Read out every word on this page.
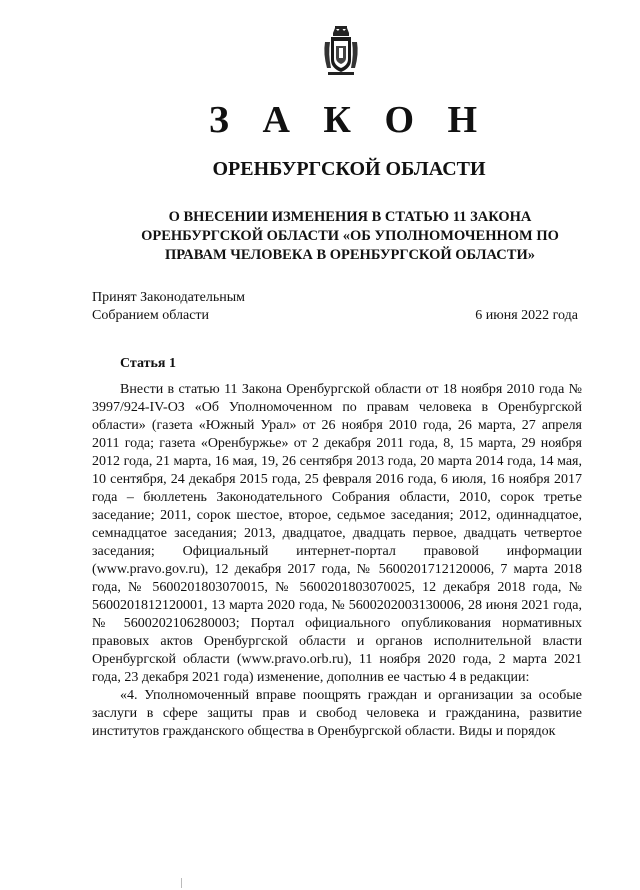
З А К О Н
ОРЕНБУРГСКОЙ ОБЛАСТИ
О ВНЕСЕНИИ ИЗМЕНЕНИЯ В СТАТЬЮ 11 ЗАКОНА ОРЕНБУРГСКОЙ ОБЛАСТИ «ОБ УПОЛНОМОЧЕННОМ ПО ПРАВАМ ЧЕЛОВЕКА В ОРЕНБУРГСКОЙ ОБЛАСТИ»
Принят Законодательным
Собранием области	6 июня 2022 года
Статья 1

Внести в статью 11 Закона Оренбургской области от 18 ноября 2010 года № 3997/924-IV-ОЗ «Об Уполномоченном по правам человека в Оренбургской области» (газета «Южный Урал» от 26 ноября 2010 года, 26 марта, 27 апреля 2011 года; газета «Оренбуржье» от 2 декабря 2011 года, 8, 15 марта, 29 ноября 2012 года, 21 марта, 16 мая, 19, 26 сентября 2013 года, 20 марта 2014 года, 14 мая, 10 сентября, 24 декабря 2015 года, 25 февраля 2016 года, 6 июля, 16 ноября 2017 года – бюллетень Законодательного Собрания области, 2010, сорок третье заседание; 2011, сорок шестое, второе, седьмое заседания; 2012, одиннадцатое, семнадцатое заседания; 2013, двадцатое, двадцать первое, двадцать четвертое заседания; Официальный интернет-портал правовой информации (www.pravo.gov.ru), 12 декабря 2017 года, № 5600201712120006, 7 марта 2018 года, № 5600201803070015, № 5600201803070025, 12 декабря 2018 года, № 5600201812120001, 13 марта 2020 года, № 5600202003130006, 28 июня 2021 года, № 5600202106280003; Портал официального опубликования нормативных правовых актов Оренбургской области и органов исполнительной власти Оренбургской области (www.pravo.orb.ru), 11 ноября 2020 года, 2 марта 2021 года, 23 декабря 2021 года) изменение, дополнив ее частью 4 в редакции:

«4. Уполномоченный вправе поощрять граждан и организации за особые заслуги в сфере защиты прав и свобод человека и гражданина, развитие институтов гражданского общества в Оренбургской области. Виды и порядок
